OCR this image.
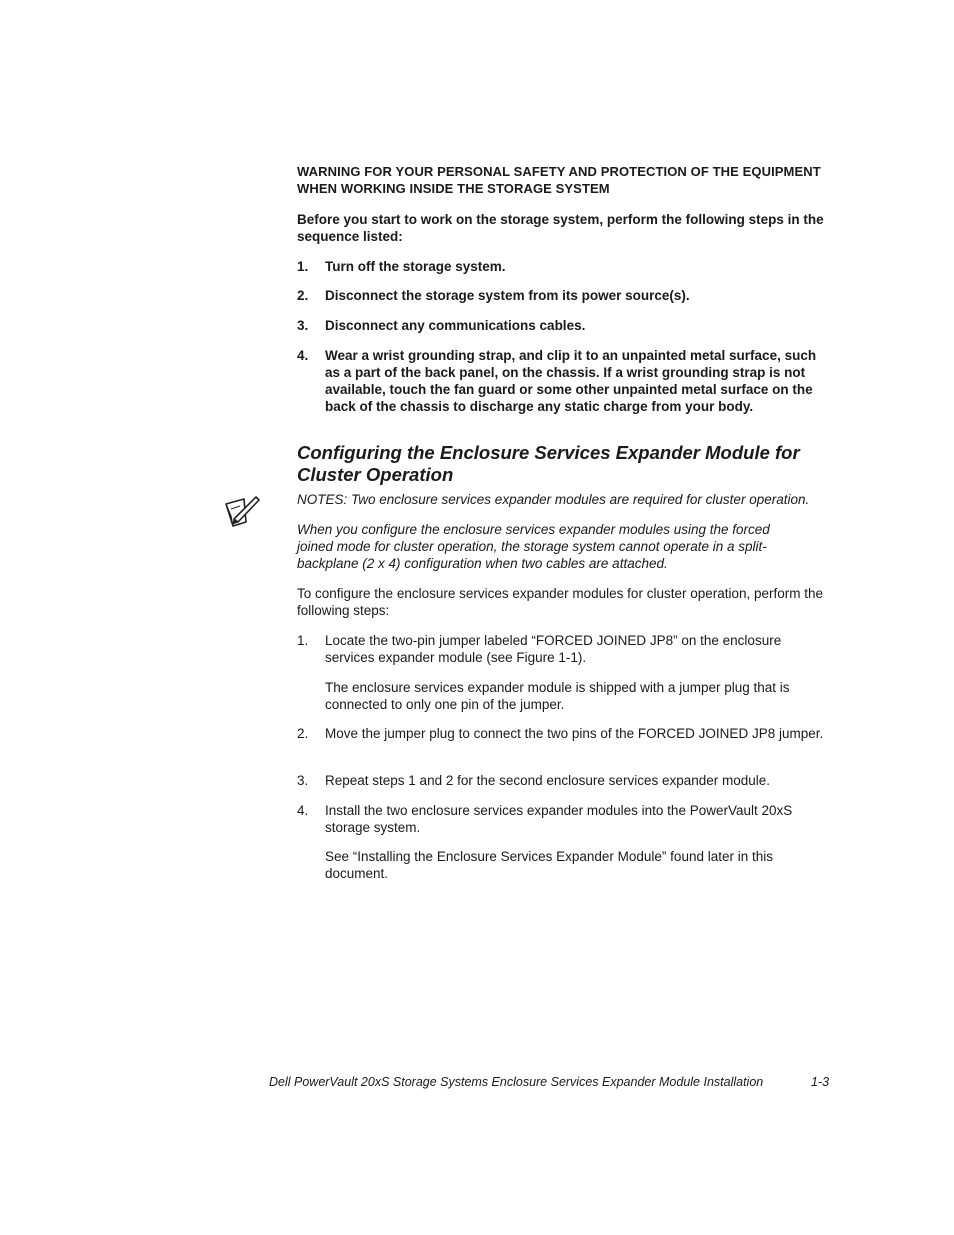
WARNING FOR YOUR PERSONAL SAFETY AND PROTECTION OF THE EQUIPMENT WHEN WORKING INSIDE THE STORAGE SYSTEM
Before you start to work on the storage system, perform the following steps in the sequence listed:
1. Turn off the storage system.
2. Disconnect the storage system from its power source(s).
3. Disconnect any communications cables.
4. Wear a wrist grounding strap, and clip it to an unpainted metal surface, such as a part of the back panel, on the chassis. If a wrist grounding strap is not available, touch the fan guard or some other unpainted metal surface on the back of the chassis to discharge any static charge from your body.
Configuring the Enclosure Services Expander Module for Cluster Operation
NOTES: Two enclosure services expander modules are required for cluster operation.
When you configure the enclosure services expander modules using the forced joined mode for cluster operation, the storage system cannot operate in a split-backplane (2 x 4) configuration when two cables are attached.
To configure the enclosure services expander modules for cluster operation, perform the following steps:
1. Locate the two-pin jumper labeled “FORCED JOINED JP8” on the enclosure services expander module (see Figure 1-1).
The enclosure services expander module is shipped with a jumper plug that is connected to only one pin of the jumper.
2. Move the jumper plug to connect the two pins of the FORCED JOINED JP8 jumper.
3. Repeat steps 1 and 2 for the second enclosure services expander module.
4. Install the two enclosure services expander modules into the PowerVault 20xS storage system.
See “Installing the Enclosure Services Expander Module” found later in this document.
Dell PowerVault 20xS Storage Systems Enclosure Services Expander Module Installation	1-3
